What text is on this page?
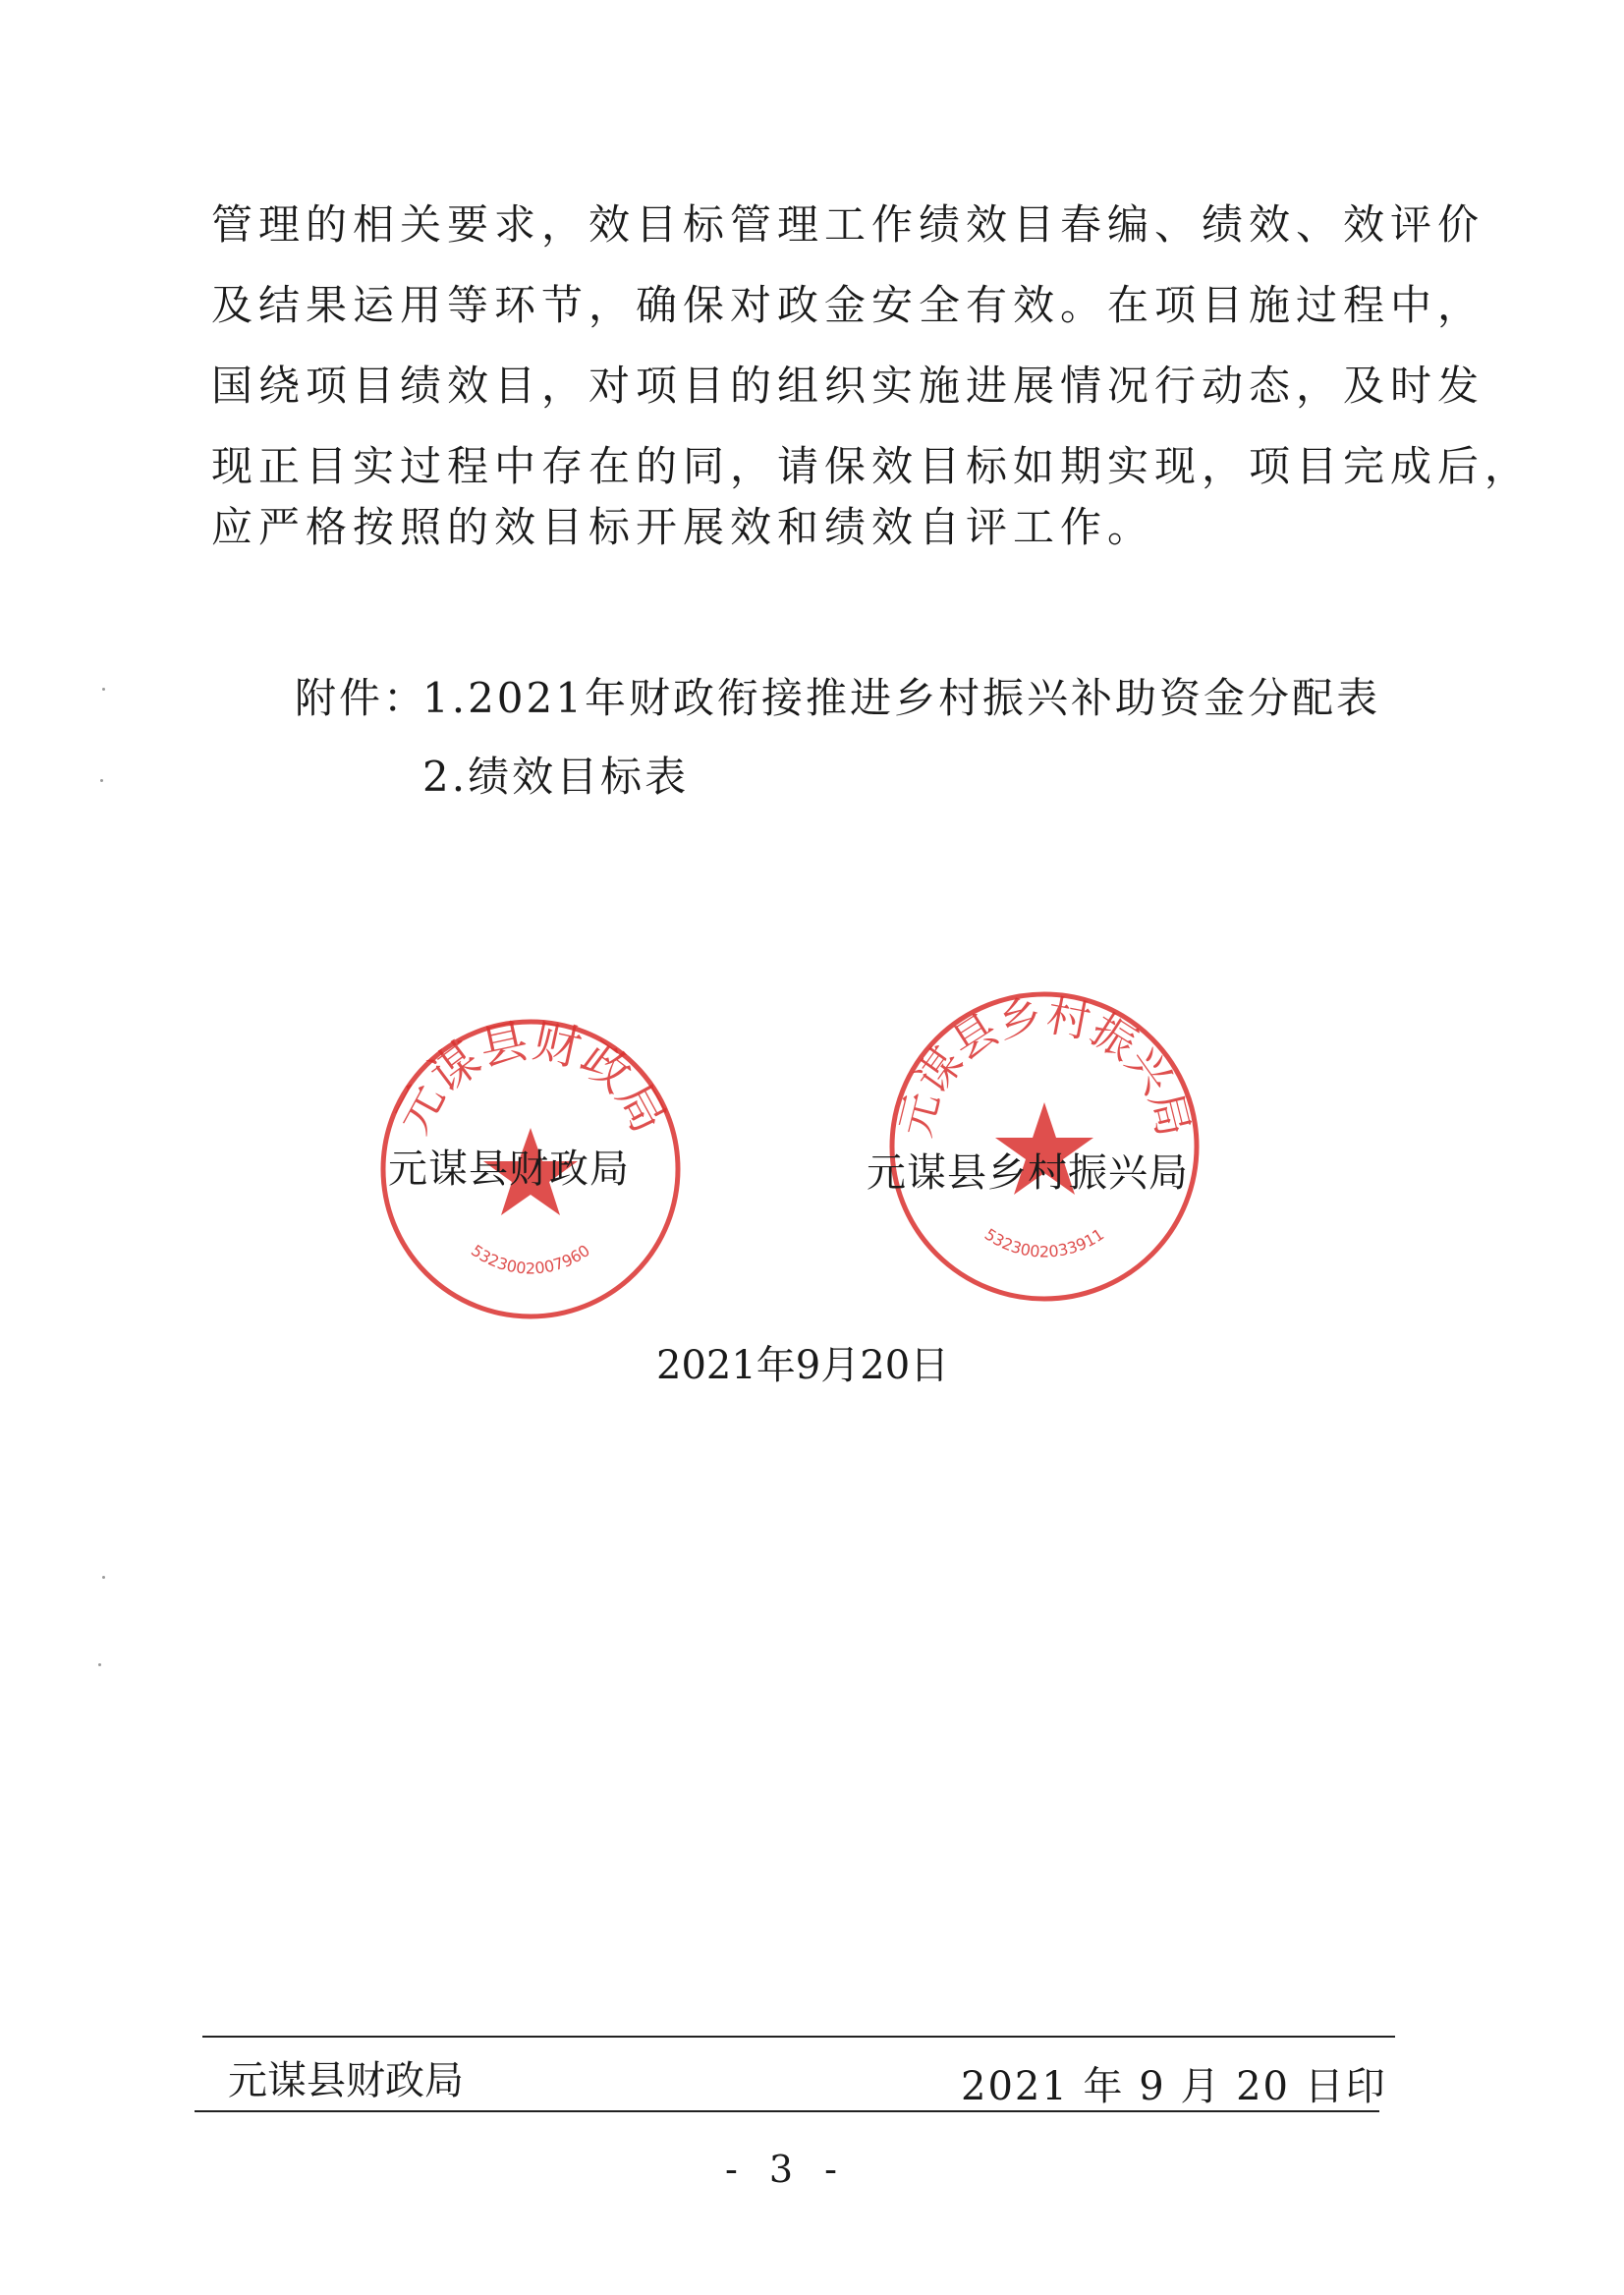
管理的相关要求，效目标管理工作绩效目春编、绩效、效评价
及结果运用等环节，确保对政金安全有效。在项目施过程中，
国绕项目绩效目，对项目的组织实施进展情况行动态，及时发
现正目实过程中存在的同，请保效目标如期实现，项目完成后，
应严格按照的效目标开展效和绩效自评工作。
附件：
1.2021年财政衔接推进乡村振兴补助资金分配表
2.绩效目标表
元谋县财政局
5323002007960
元谋县乡村振兴局
5323002033911
元谋县财政局	元谋县乡村振兴局
2021年9月20日
元谋县财政局	2021 年 9 月 20 日印
- 3 -
